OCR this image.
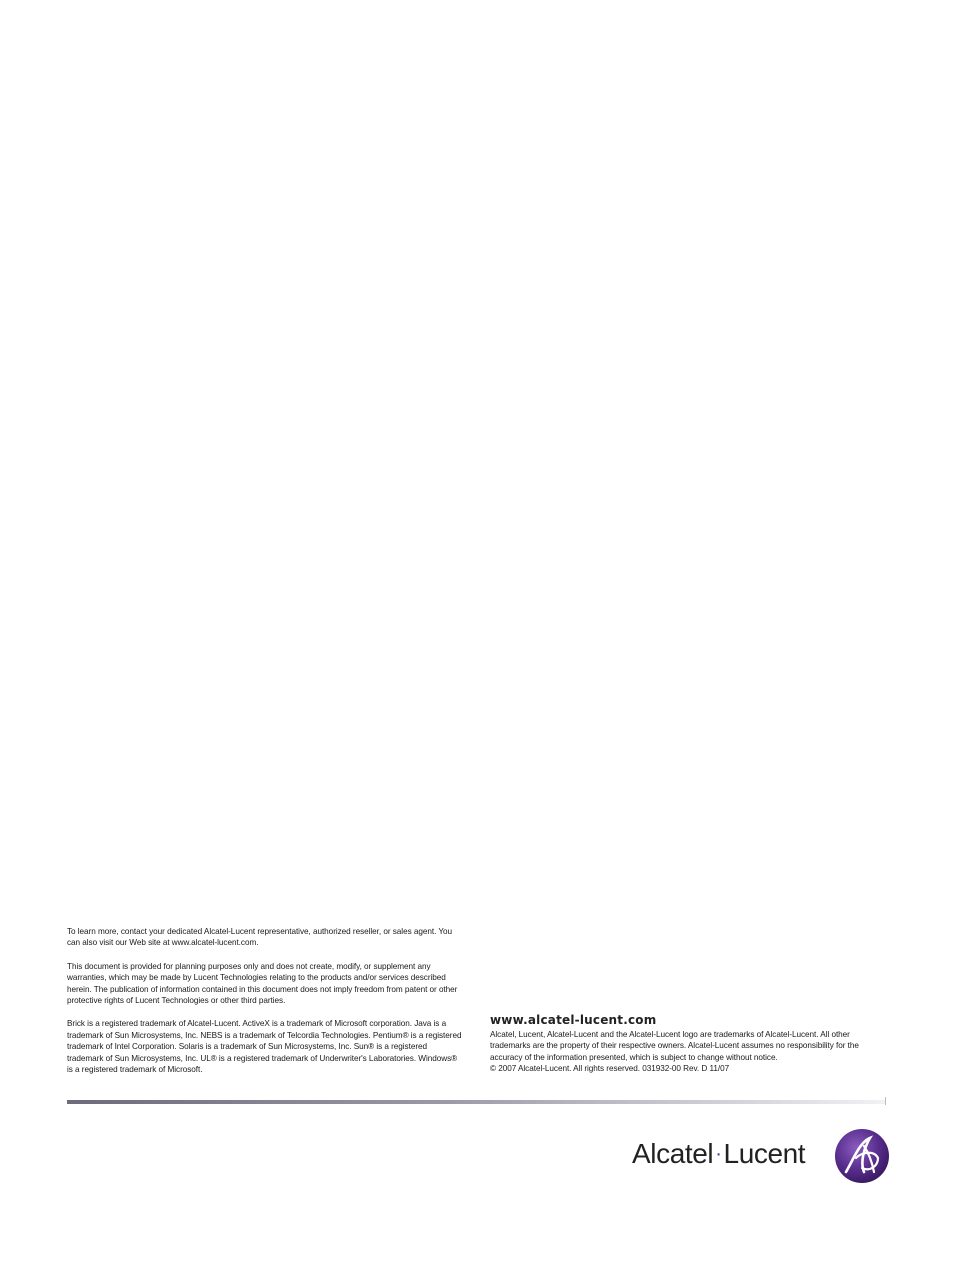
To learn more, contact your dedicated Alcatel-Lucent representative, authorized reseller, or sales agent. You can also visit our Web site at www.alcatel-lucent.com.

This document is provided for planning purposes only and does not create, modify, or supplement any warranties, which may be made by Lucent Technologies relating to the products and/or services described herein. The publication of information contained in this document does not imply freedom from patent or other protective rights of Lucent Technologies or other third parties.

Brick is a registered trademark of Alcatel-Lucent. ActiveX is a trademark of Microsoft corporation. Java is a trademark of Sun Microsystems, Inc. NEBS is a trademark of Telcordia Technologies. Pentium® is a registered trademark of Intel Corporation. Solaris is a trademark of Sun Microsystems, Inc. Sun® is a registered trademark of Sun Microsystems, Inc. UL® is a registered trademark of Underwriter's Laboratories. Windows® is a registered trademark of Microsoft.

www.alcatel-lucent.com

Alcatel, Lucent, Alcatel-Lucent and the Alcatel-Lucent logo are trademarks of Alcatel-Lucent. All other trademarks are the property of their respective owners. Alcatel-Lucent assumes no responsibility for the accuracy of the information presented, which is subject to change without notice.

© 2007 Alcatel-Lucent. All rights reserved. 031932-00 Rev. D 11/07

Alcatel ·Lucent
